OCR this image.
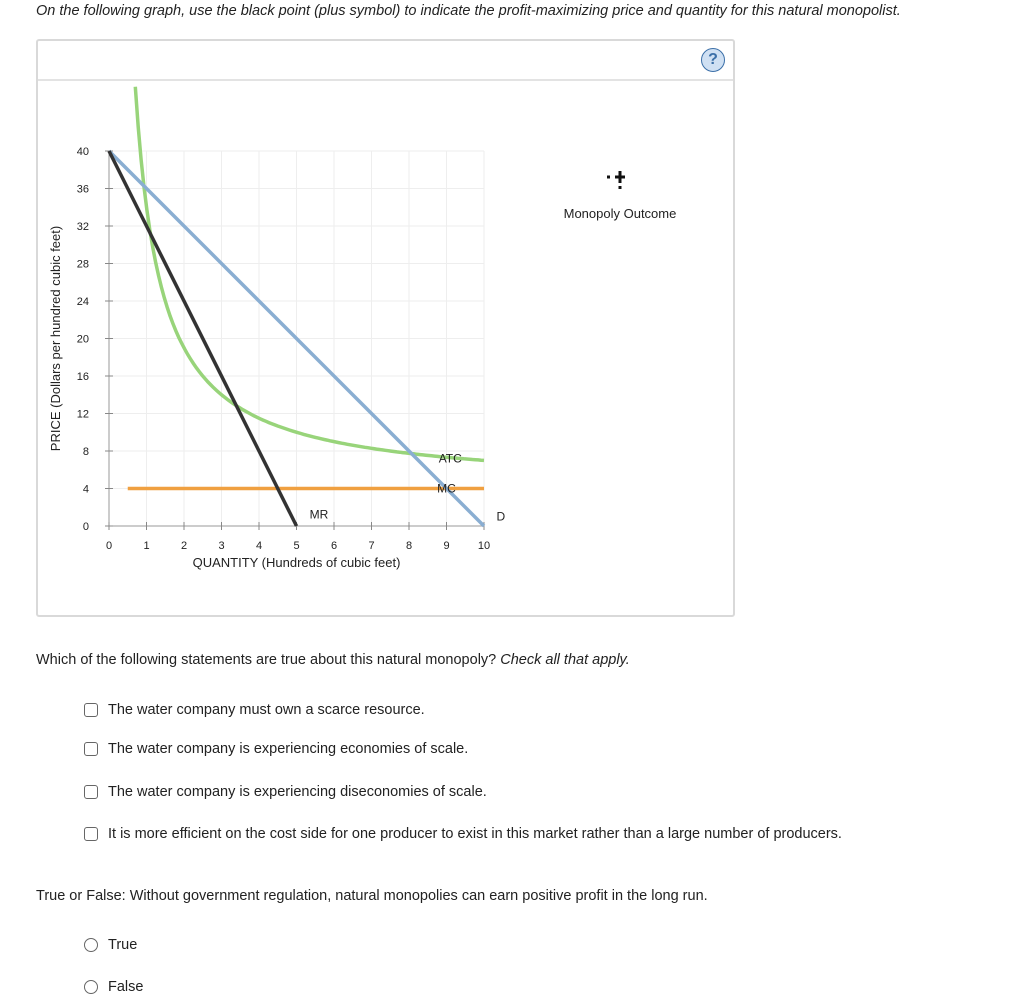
On the following graph, use the black point (plus symbol) to indicate the profit-maximizing price and quantity for this natural monopolist.
?
0	1	2	3	4	5	6	7	8	9	10
0
4
8
12
16
20
24
28
32
36
40
QUANTITY (Hundreds of cubic feet)
PRICE (Dollars per hundred cubic feet)
MR
ATC
MC
D
Monopoly Outcome
Which of the following statements are true about this natural monopoly? Check all that apply.
The water company must own a scarce resource.
The water company is experiencing economies of scale.
The water company is experiencing diseconomies of scale.
It is more efficient on the cost side for one producer to exist in this market rather than a large number of producers.
True or False: Without government regulation, natural monopolies can earn positive profit in the long run.
True
False
